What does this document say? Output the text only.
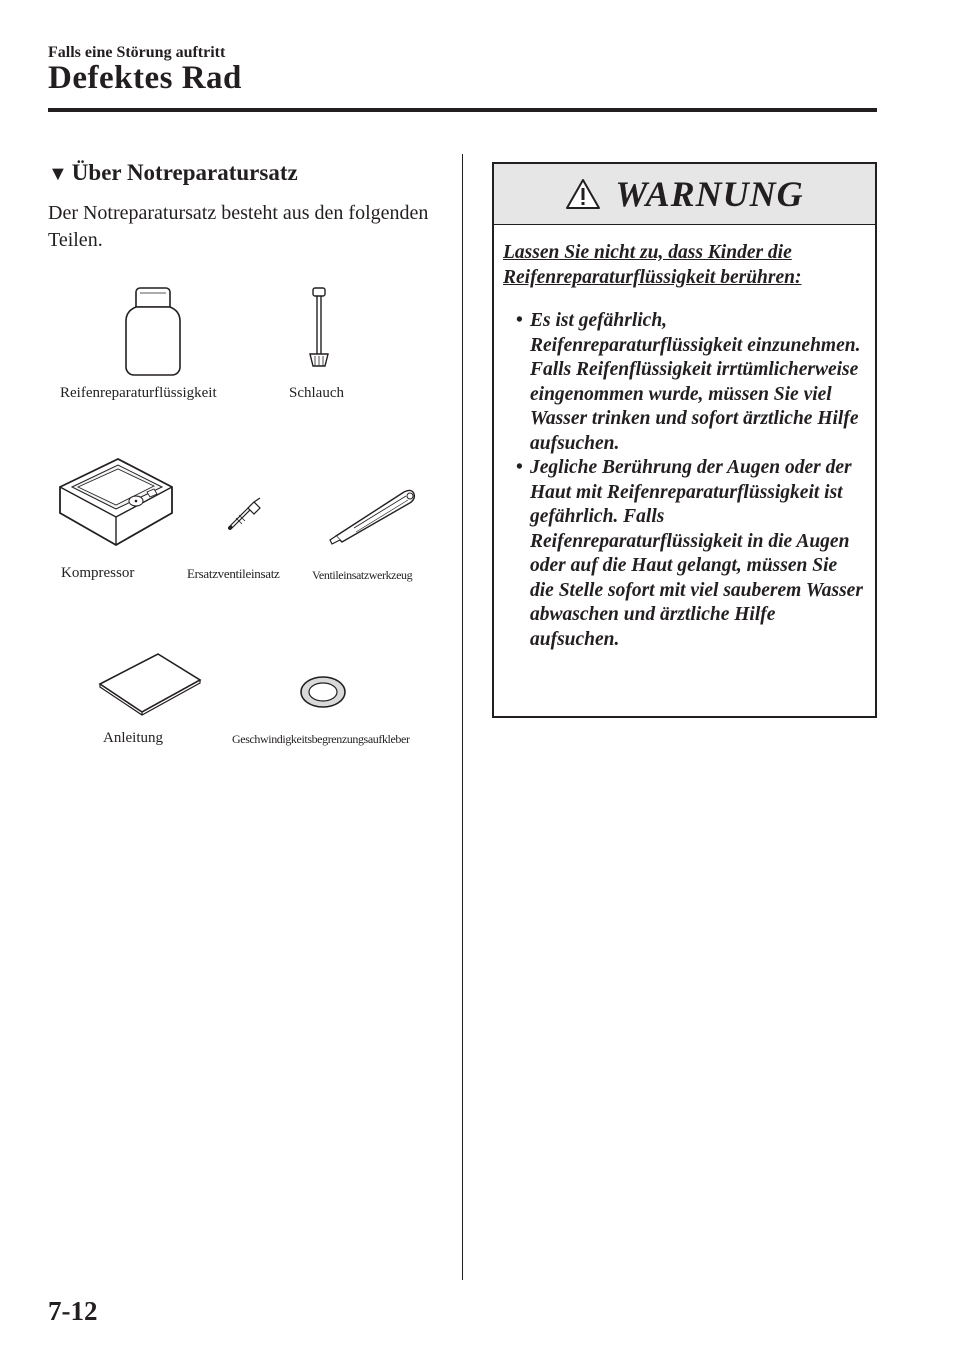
Falls eine Störung auftritt
Defektes Rad
▼ Über Notreparatursatz
Der Notreparatursatz besteht aus den folgenden Teilen.
Reifenreparaturflüssigkeit	Schlauch
Kompressor	Ersatzventileinsatz	Ventileinsatzwerkzeug
Anleitung	Geschwindigkeitsbegrenzungsaufkleber
WARNUNG
Lassen Sie nicht zu, dass Kinder die Reifenreparaturflüssigkeit berühren:
• Es ist gefährlich, Reifenreparaturflüssigkeit einzunehmen. Falls Reifenflüssigkeit irrtümlicherweise eingenommen wurde, müssen Sie viel Wasser trinken und sofort ärztliche Hilfe aufsuchen.
• Jegliche Berührung der Augen oder der Haut mit Reifenreparaturflüssigkeit ist gefährlich. Falls Reifenreparaturflüssigkeit in die Augen oder auf die Haut gelangt, müssen Sie die Stelle sofort mit viel sauberem Wasser abwaschen und ärztliche Hilfe aufsuchen.
7-12
